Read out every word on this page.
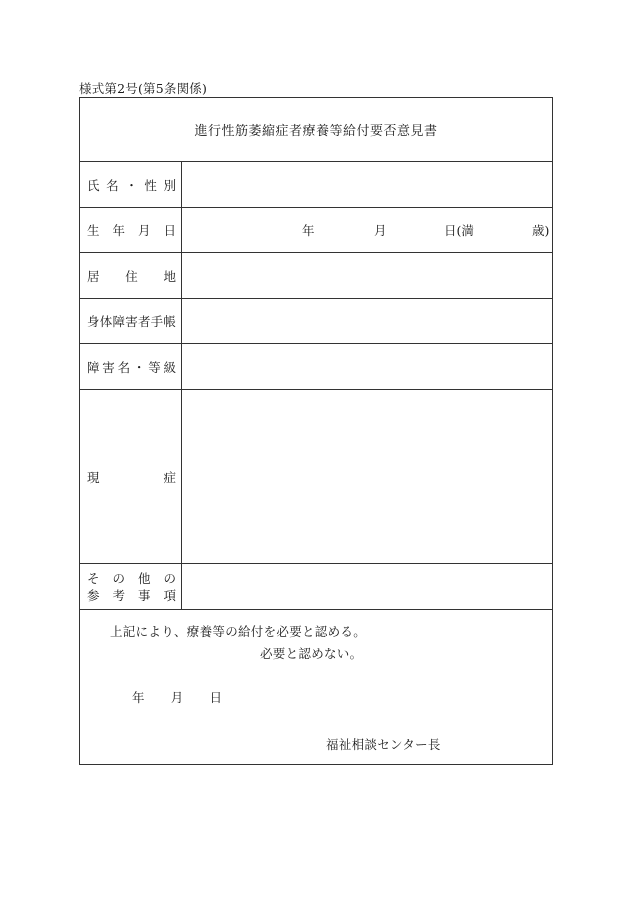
様式第2号(第5条関係)
進行性筋萎縮症者療養等給付要否意見書
氏 名 ・ 性 別
生 年 月 日	年	月	日(満	歳)
居 住 地
身 体 障 害 者 手 帳
障 害 名 ・ 等 級
現	症
そ の 他 の
参 考 事 項
上記により、療養等の給付を必要と認める。
必要と認めない。
年 月 日
福祉相談センター長
